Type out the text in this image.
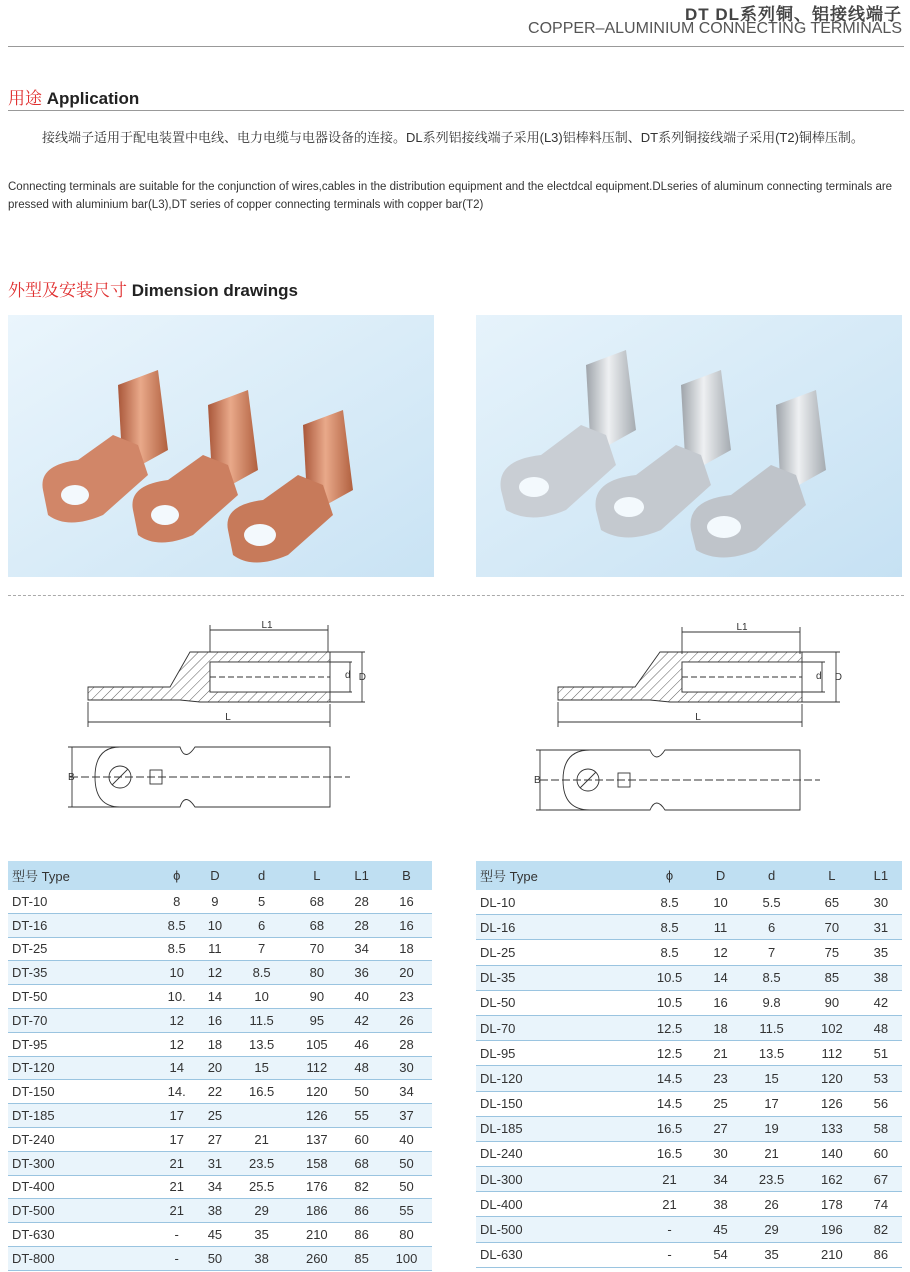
DT DL系列铜、铝接线端子
COPPER–ALUMINIUM CONNECTING TERMINALS
用途 Application
接线端子适用于配电装置中电线、电力电缆与电器设备的连接。DL系列铝接线端子采用(L3)铝棒料压制、DT系列铜接线端子采用(T2)铜棒压制。
Connecting terminals are suitable for the conjunction of wires,cables in the distribution equipment and the electdcal equipment.DLseries of aluminum connecting terminals are pressed with aluminium bar(L3),DT series of copper connecting terminals with copper bar(T2)
外型及安装尺寸 Dimension drawings
L1
d D
L
B
L1
d D
L
B
型号 Type	ϕ	D	d	L	L1	B
DT-10	8	9	5	68	28	16
DT-16	8.5	10	6	68	28	16
DT-25	8.5	11	7	70	34	18
DT-35	10	12	8.5	80	36	20
DT-50	10.	14	10	90	40	23
DT-70	12	16	11.5	95	42	26
DT-95	12	18	13.5	105	46	28
DT-120	14	20	15	112	48	30
DT-150	14.	22	16.5	120	50	34
DT-185	17	25		126	55	37
DT-240	17	27	21	137	60	40
DT-300	21	31	23.5	158	68	50
DT-400	21	34	25.5	176	82	50
DT-500	21	38	29	186	86	55
DT-630	-	45	35	210	86	80
DT-800	-	50	38	260	85	100
型号 Type	ϕ	D	d	L	L1
DL-10	8.5	10	5.5	65	30
DL-16	8.5	11	6	70	31
DL-25	8.5	12	7	75	35
DL-35	10.5	14	8.5	85	38
DL-50	10.5	16	9.8	90	42
DL-70	12.5	18	11.5	102	48
DL-95	12.5	21	13.5	112	51
DL-120	14.5	23	15	120	53
DL-150	14.5	25	17	126	56
DL-185	16.5	27	19	133	58
DL-240	16.5	30	21	140	60
DL-300	21	34	23.5	162	67
DL-400	21	38	26	178	74
DL-500	-	45	29	196	82
DL-630	-	54	35	210	86
